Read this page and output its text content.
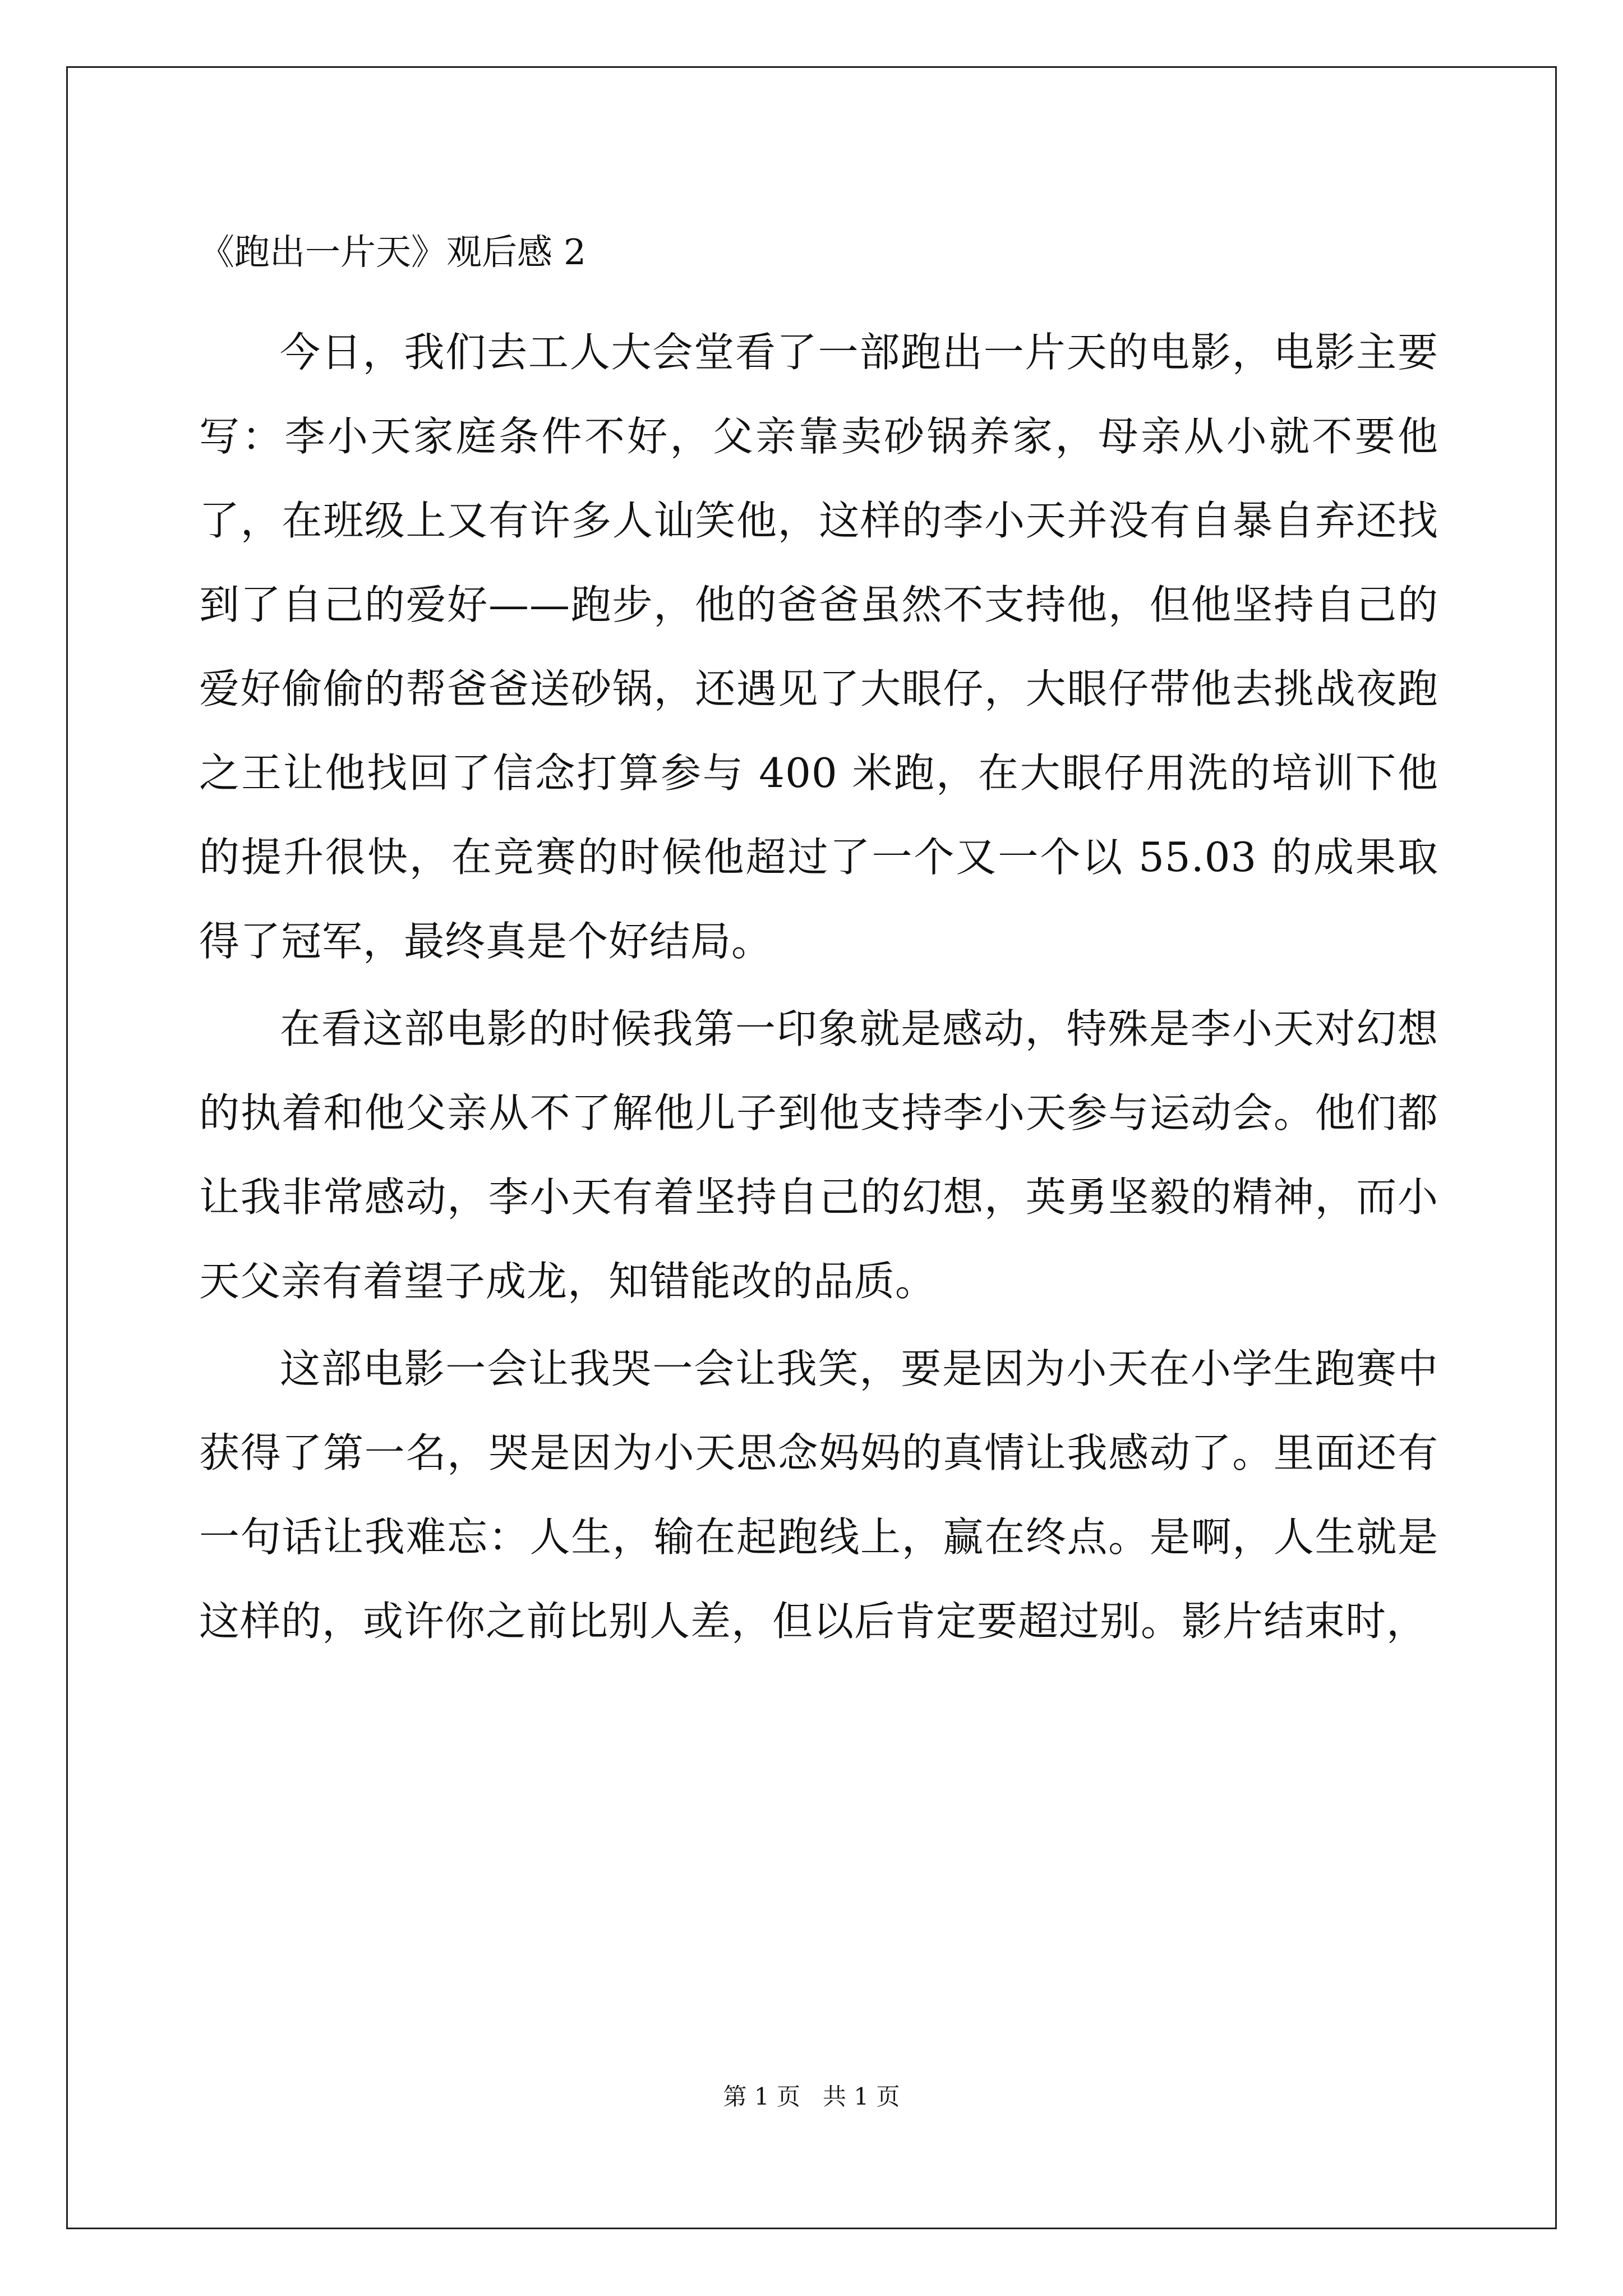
《跑出一片天》观后感 2

今日，我们去工人大会堂看了一部跑出一片天的电影，电影主要写：李小天家庭条件不好，父亲靠卖砂锅养家，母亲从小就不要他了，在班级上又有许多人讪笑他，这样的李小天并没有自暴自弃还找到了自己的爱好——跑步，他的爸爸虽然不支持他，但他坚持自己的爱好偷偷的帮爸爸送砂锅，还遇见了大眼仔，大眼仔带他去挑战夜跑之王让他找回了信念打算参与 400 米跑，在大眼仔用洗的培训下他的提升很快，在竞赛的时候他超过了一个又一个以 55.03 的成果取得了冠军，最终真是个好结局。

在看这部电影的时候我第一印象就是感动，特殊是李小天对幻想的执着和他父亲从不了解他儿子到他支持李小天参与运动会。他们都让我非常感动，李小天有着坚持自己的幻想，英勇坚毅的精神，而小天父亲有着望子成龙，知错能改的品质。

这部电影一会让我哭一会让我笑，要是因为小天在小学生跑赛中获得了第一名，哭是因为小天思念妈妈的真情让我感动了。里面还有一句话让我难忘：人生，输在起跑线上，赢在终点。是啊，人生就是这样的，或许你之前比别人差，但以后肯定要超过别。影片结束时，

第 1 页   共 1 页
